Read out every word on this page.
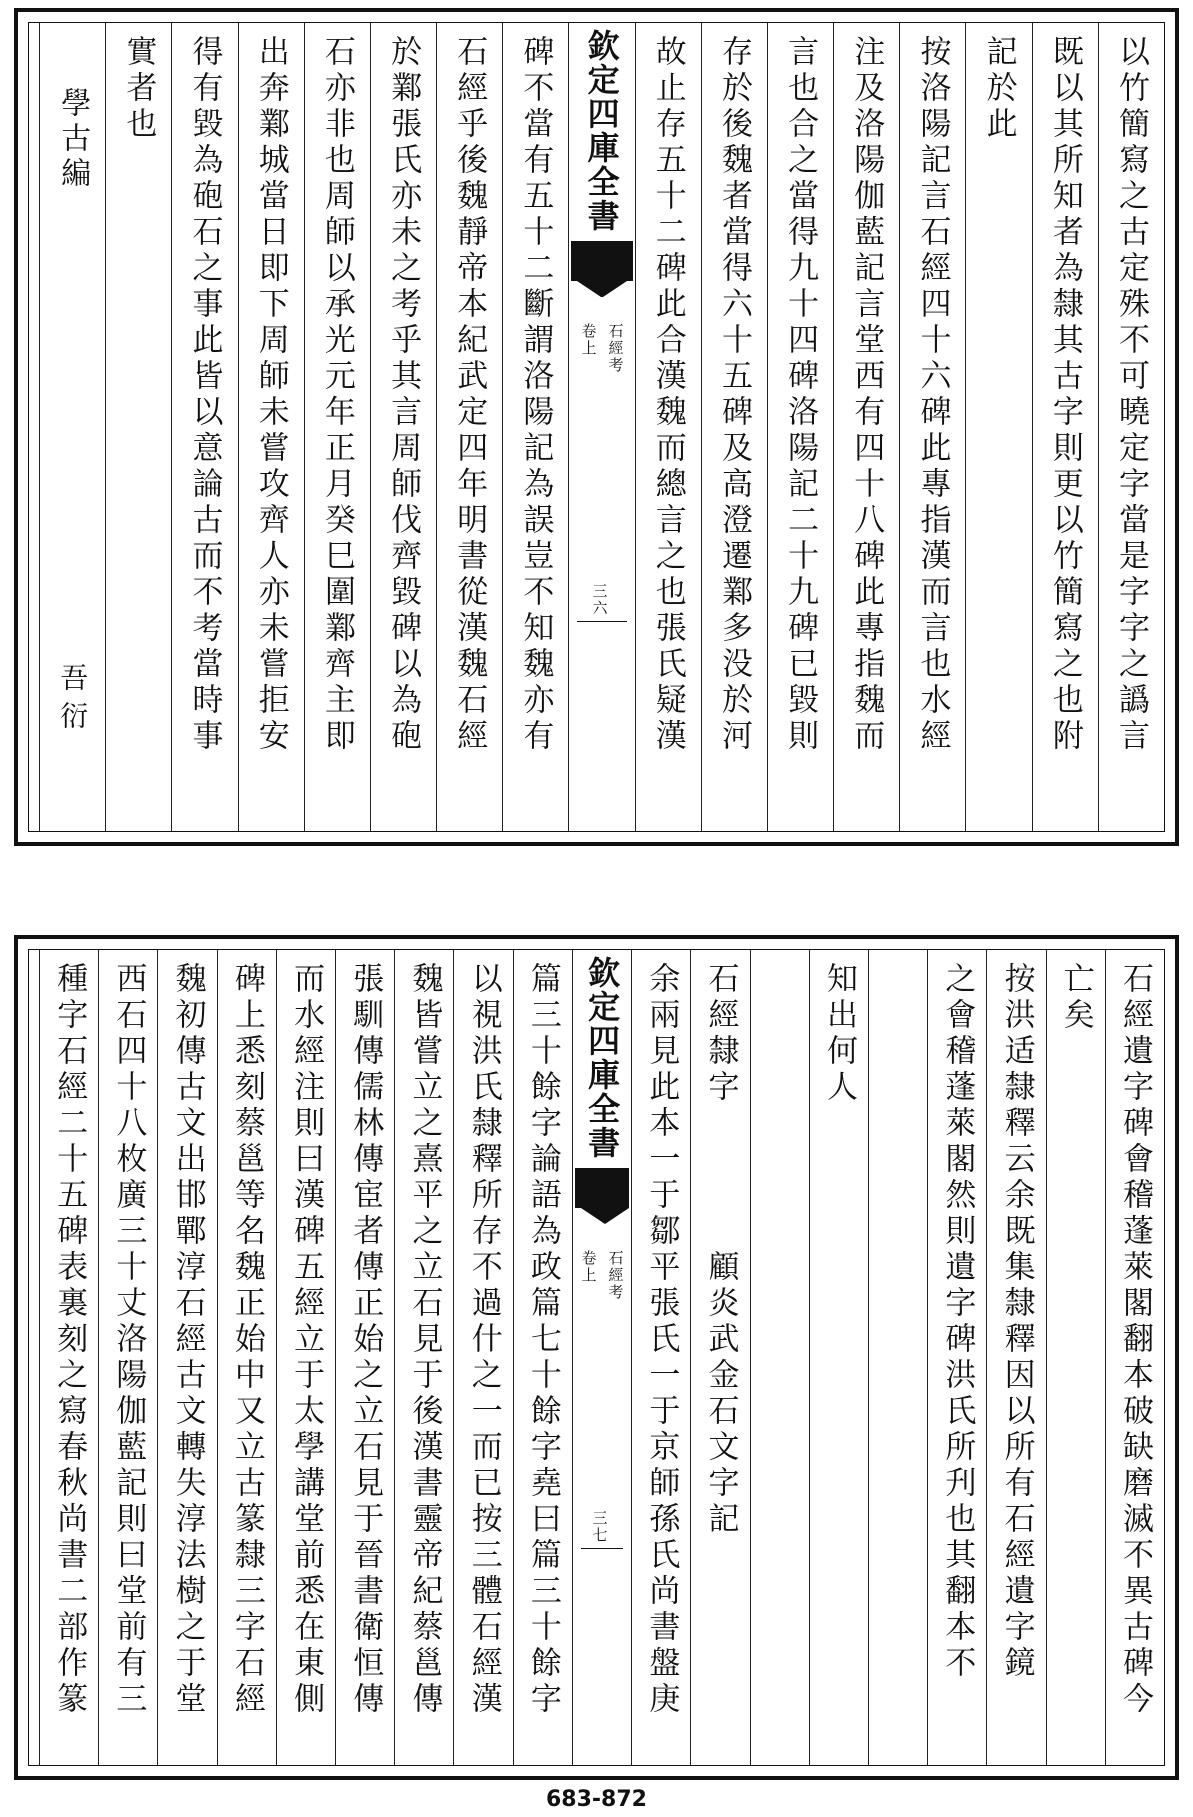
以竹簡寫之古定殊不可曉定字當是字字之譌言
既以其所知者為隸其古字則更以竹簡寫之也附
記於此
按洛陽記言石經四十六碑此專指漢而言也水經
注及洛陽伽藍記言堂西有四十八碑此專指魏而
言也合之當得九十四碑洛陽記二十九碑已毀則
存於後魏者當得六十五碑及高澄遷鄴多没於河
故止存五十二碑此合漢魏而總言之也張氏疑漢
欽定四庫全書
石經考
卷上
三六
碑不當有五十二斷謂洛陽記為誤豈不知魏亦有
石經乎後魏靜帝本紀武定四年明書從漢魏石經
於鄴張氏亦未之考乎其言周師伐齊毀碑以為砲
石亦非也周師以承光元年正月癸巳圍鄴齊主即
出奔鄴城當日即下周師未嘗攻齊人亦未嘗拒安
得有毀為砲石之事此皆以意論古而不考當時事
實者也
學古編
吾衍
石經遺字碑會稽蓬萊閣翻本破缺磨滅不異古碑今
亡矣
按洪适隸釋云余既集隸釋因以所有石經遺字鏡
之會稽蓬萊閣然則遺字碑洪氏所刋也其翻本不
知出何人
石經隸字　　　　顧炎武金石文字記
余兩見此本一于鄒平張氏一于京師孫氏尚書盤庚
欽定四庫全書
石經考
卷上
三七
篇三十餘字論語為政篇七十餘字堯曰篇三十餘字
以視洪氏隸釋所存不過什之一而已按三體石經漢
魏皆嘗立之熹平之立石見于後漢書靈帝紀蔡邕傳
張馴傳儒林傳宦者傳正始之立石見于晉書衛恒傳
而水經注則曰漢碑五經立于太學講堂前悉在東側
碑上悉刻蔡邕等名魏正始中又立古篆隸三字石經
魏初傳古文出邯鄲淳石經古文轉失淳法樹之于堂
西石四十八枚廣三十丈洛陽伽藍記則曰堂前有三
種字石經二十五碑表裏刻之寫春秋尚書二部作篆
683-872
